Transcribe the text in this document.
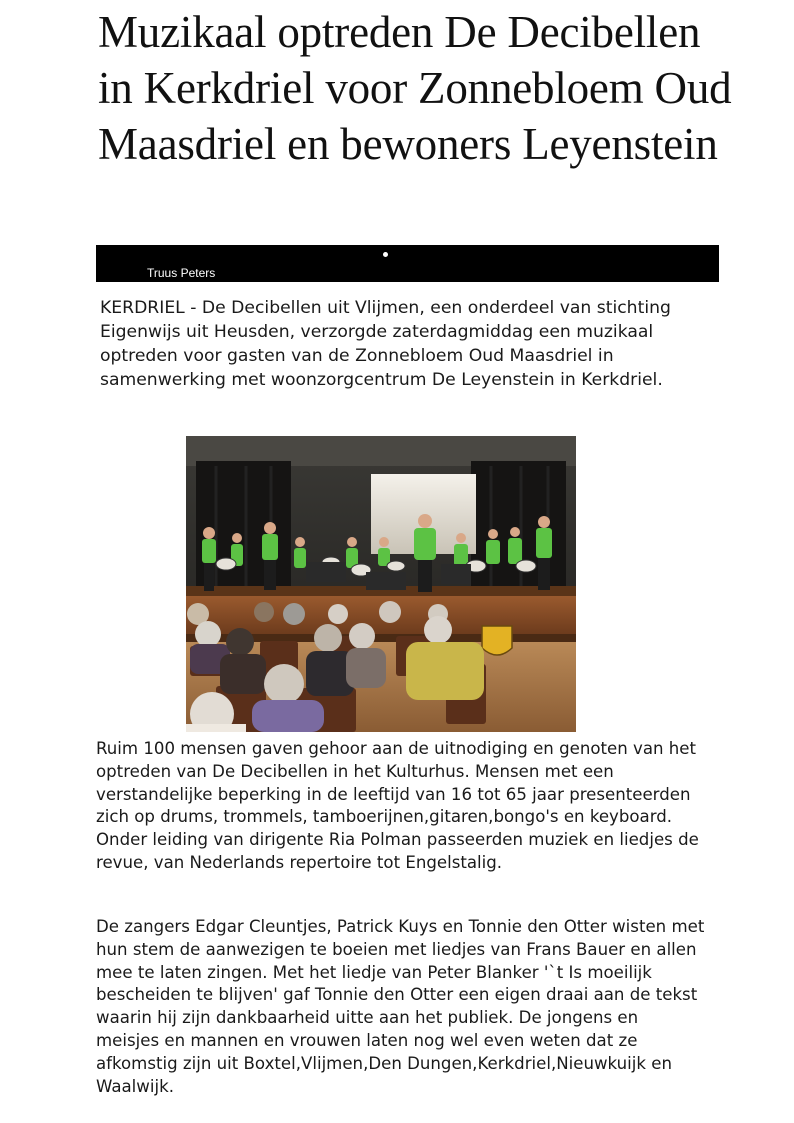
Muzikaal optreden De Decibellen in Kerkdriel voor Zonnebloem Oud Maasdriel en bewoners Leyenstein
Truus Peters

KERDRIEL - De Decibellen uit Vlijmen, een onderdeel van stichting Eigenwijs uit Heusden, verzorgde zaterdagmiddag een muzikaal optreden voor gasten van de Zonnebloem Oud Maasdriel in samenwerking met woonzorgcentrum De Leyenstein in Kerkdriel.

Ruim 100 mensen gaven gehoor aan de uitnodiging en genoten van het optreden van De Decibellen in het Kulturhus. Mensen met een verstandelijke beperking in de leeftijd van 16 tot 65 jaar presenteerden zich op drums, trommels, tamboerijnen,gitaren,bongo's en keyboard. Onder leiding van dirigente Ria Polman passeerden muziek en liedjes de revue, van Nederlands repertoire tot Engelstalig.

De zangers Edgar Cleuntjes, Patrick Kuys en Tonnie den Otter wisten met hun stem de aanwezigen te boeien met liedjes van Frans Bauer en allen mee te laten zingen. Met het liedje van Peter Blanker '`t Is moeilijk bescheiden te blijven' gaf Tonnie den Otter een eigen draai aan de tekst waarin hij zijn dankbaarheid uitte aan het publiek. De jongens en meisjes en mannen en vrouwen laten nog wel even weten dat ze afkomstig zijn uit Boxtel,Vlijmen,Den Dungen,Kerkdriel,Nieuwkuijk en Waalwijk.
